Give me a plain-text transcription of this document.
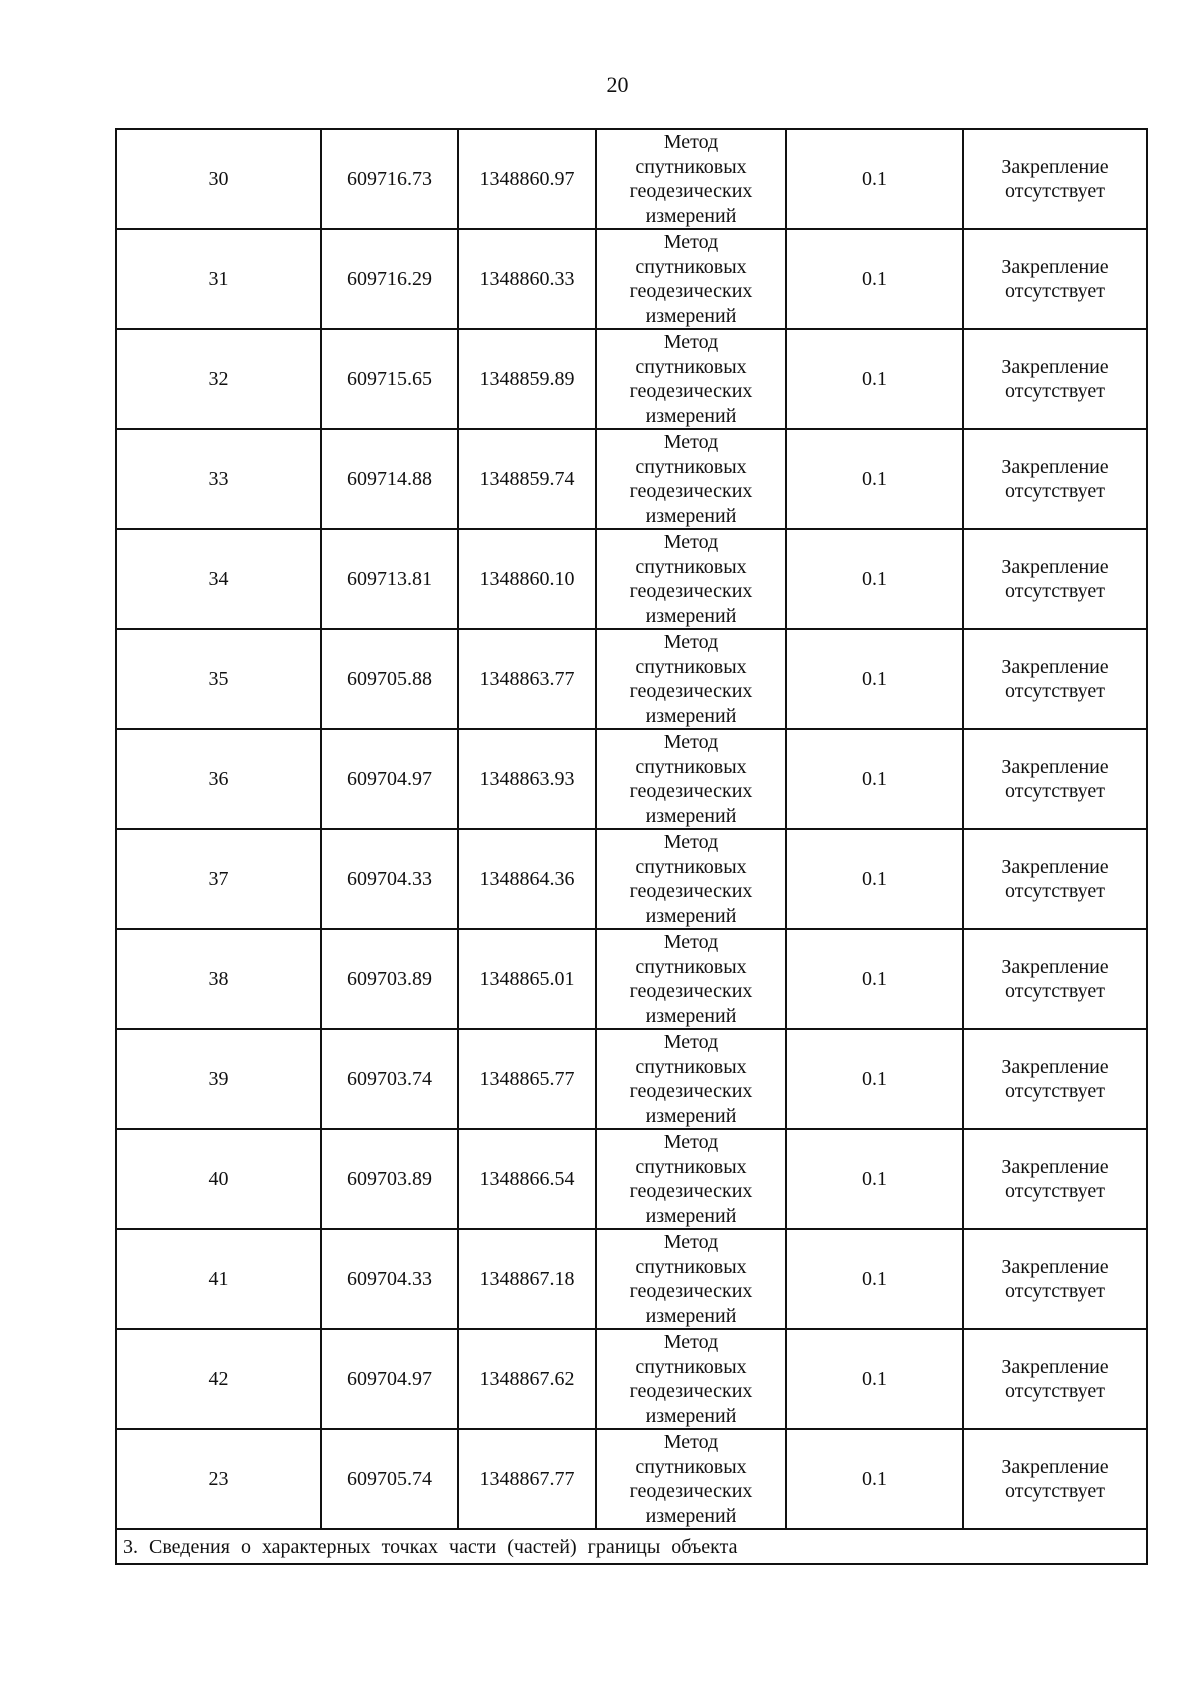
20
30	609716.73	1348860.97	Метод
спутниковых
геодезических
измерений	0.1	Закрепление
отсутствует

31	609716.29	1348860.33	Метод
спутниковых
геодезических
измерений	0.1	Закрепление
отсутствует

32	609715.65	1348859.89	Метод
спутниковых
геодезических
измерений	0.1	Закрепление
отсутствует

33	609714.88	1348859.74	Метод
спутниковых
геодезических
измерений	0.1	Закрепление
отсутствует

34	609713.81	1348860.10	Метод
спутниковых
геодезических
измерений	0.1	Закрепление
отсутствует

35	609705.88	1348863.77	Метод
спутниковых
геодезических
измерений	0.1	Закрепление
отсутствует

36	609704.97	1348863.93	Метод
спутниковых
геодезических
измерений	0.1	Закрепление
отсутствует

37	609704.33	1348864.36	Метод
спутниковых
геодезических
измерений	0.1	Закрепление
отсутствует

38	609703.89	1348865.01	Метод
спутниковых
геодезических
измерений	0.1	Закрепление
отсутствует

39	609703.74	1348865.77	Метод
спутниковых
геодезических
измерений	0.1	Закрепление
отсутствует

40	609703.89	1348866.54	Метод
спутниковых
геодезических
измерений	0.1	Закрепление
отсутствует

41	609704.33	1348867.18	Метод
спутниковых
геодезических
измерений	0.1	Закрепление
отсутствует

42	609704.97	1348867.62	Метод
спутниковых
геодезических
измерений	0.1	Закрепление
отсутствует

23	609705.74	1348867.77	Метод
спутниковых
геодезических
измерений	0.1	Закрепление
отсутствует

3. Сведения о характерных точках части (частей) границы объекта					
